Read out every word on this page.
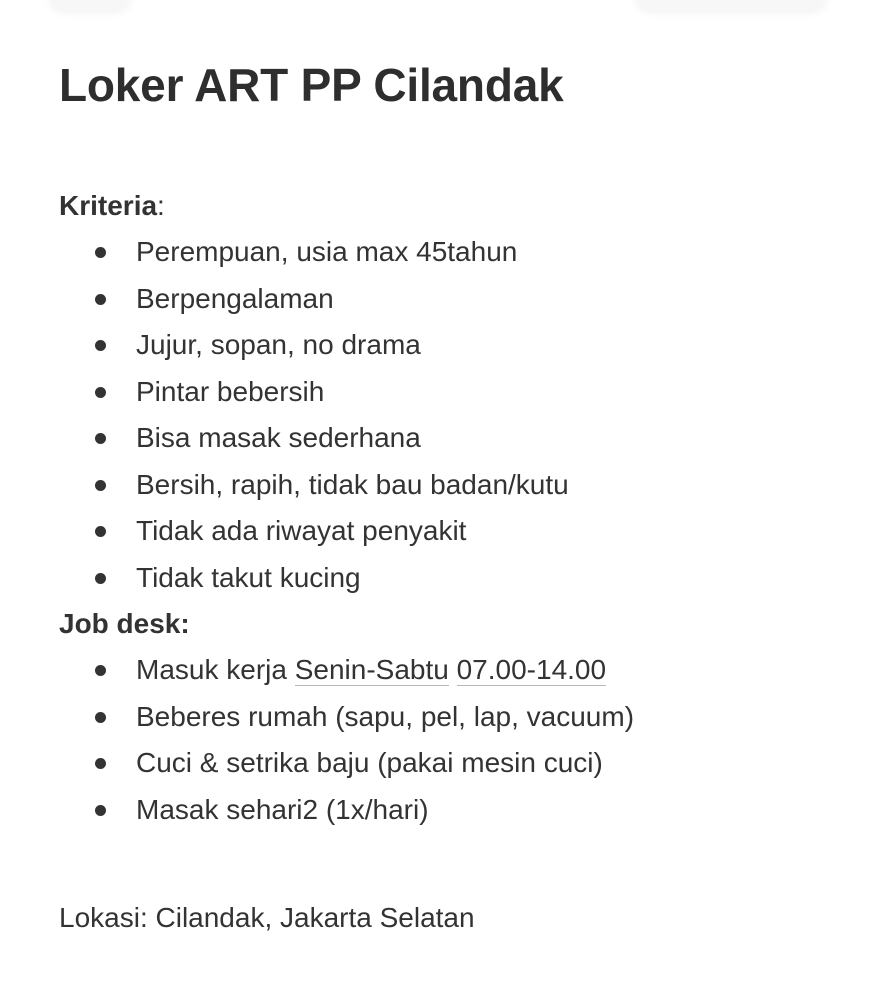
Loker ART PP Cilandak
Kriteria:
Perempuan, usia max 45tahun
Berpengalaman
Jujur, sopan, no drama
Pintar bebersih
Bisa masak sederhana
Bersih, rapih, tidak bau badan/kutu
Tidak ada riwayat penyakit
Tidak takut kucing
Job desk:
Masuk kerja Senin-Sabtu 07.00-14.00
Beberes rumah (sapu, pel, lap, vacuum)
Cuci & setrika baju (pakai mesin cuci)
Masak sehari2 (1x/hari)
Lokasi: Cilandak, Jakarta Selatan
